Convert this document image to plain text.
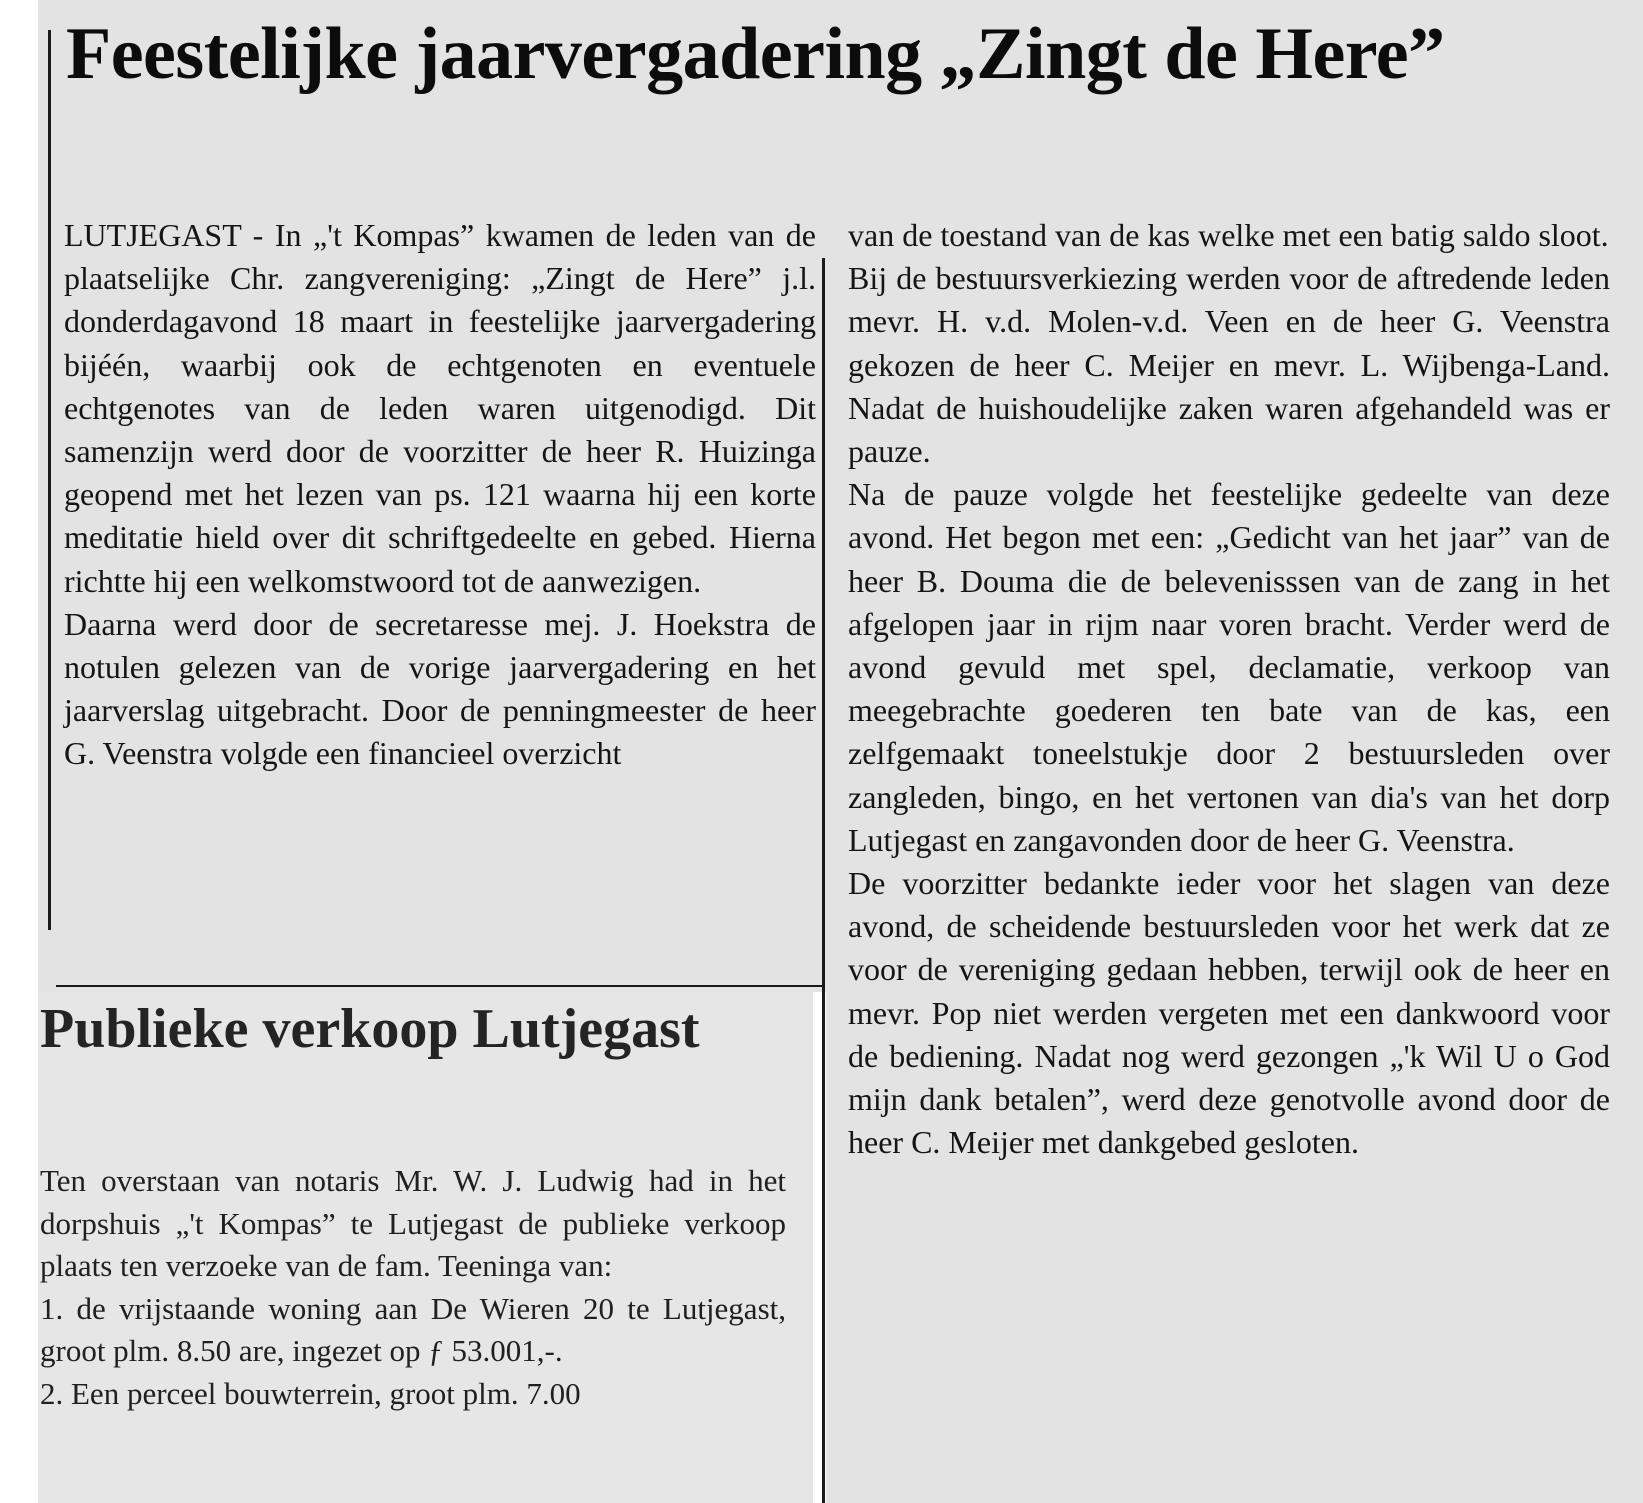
Feestelijke jaarvergadering „Zingt de Here”

LUTJEGAST - In „'t Kompas” kwamen de leden van de plaatselijke Chr. zangvereniging: „Zingt de Here” j.l. donderdagavond 18 maart in feestelijke jaarvergadering bijéén, waarbij ook de echtgenoten en eventuele echtgenotes van de leden waren uitgenodigd. Dit samenzijn werd door de voorzitter de heer R. Huizinga geopend met het lezen van ps. 121 waarna hij een korte meditatie hield over dit schriftgedeelte en gebed. Hierna richtte hij een welkomstwoord tot de aanwezigen.

Daarna werd door de secretaresse mej. J. Hoekstra de notulen gelezen van de vorige jaarvergadering en het jaarverslag uitgebracht. Door de penningmeester de heer G. Veenstra volgde een financieel overzicht

van de toestand van de kas welke met een batig saldo sloot.

Bij de bestuursverkiezing werden voor de aftredende leden mevr. H. v.d. Molen-v.d. Veen en de heer G. Veenstra gekozen de heer C. Meijer en mevr. L. Wijbenga-Land. Nadat de huishoudelijke zaken waren afgehandeld was er pauze.

Na de pauze volgde het feestelijke gedeelte van deze avond. Het begon met een: „Gedicht van het jaar” van de heer B. Douma die de belevenisssen van de zang in het afgelopen jaar in rijm naar voren bracht. Verder werd de avond gevuld met spel, declamatie, verkoop van meegebrachte goederen ten bate van de kas, een zelfgemaakt toneelstukje door 2 bestuursleden over zangleden, bingo, en het vertonen van dia's van het dorp Lutjegast en zangavonden door de heer G. Veenstra.

De voorzitter bedankte ieder voor het slagen van deze avond, de scheidende bestuursleden voor het werk dat ze voor de vereniging gedaan hebben, terwijl ook de heer en mevr. Pop niet werden vergeten met een dankwoord voor de bediening. Nadat nog werd gezongen „'k Wil U o God mijn dank betalen”, werd deze genotvolle avond door de heer C. Meijer met dankgebed gesloten.

Publieke verkoop Lutjegast

Ten overstaan van notaris Mr. W. J. Ludwig had in het dorpshuis „'t Kompas” te Lutjegast de publieke verkoop plaats ten verzoeke van de fam. Teeninga van:

1. de vrijstaande woning aan De Wieren 20 te Lutjegast, groot plm. 8.50 are, ingezet op ƒ 53.001,-.

2. Een perceel bouwterrein, groot plm. 7.00
